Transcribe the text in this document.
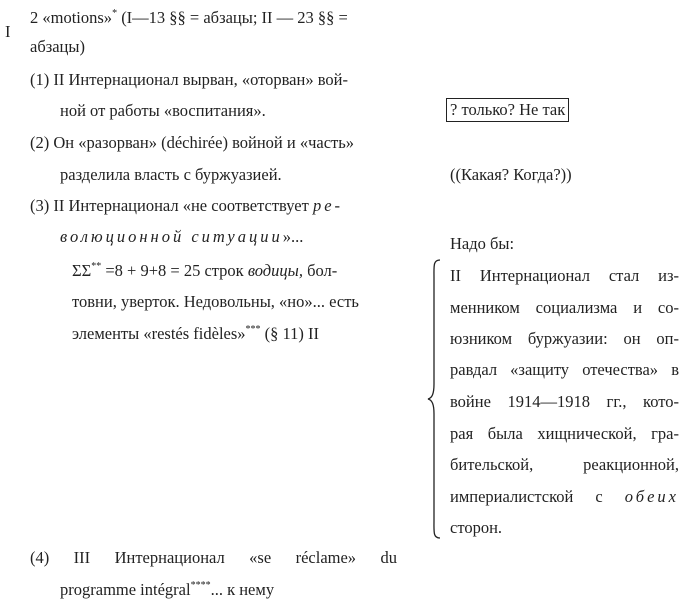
I
2 «motions»* (I—13 §§ = абзацы; II — 23 §§ =
абзацы)
(1) II Интернационал вырван, «оторван» вой-
ной от работы «воспитания».
(2) Он «разорван» (déchirée) войной и «часть»
разделила власть с буржуазией.
(3) II Интернационал «не соответствует ре-
волюционной ситуации»...
ΣΣ** =8 + 9+8 = 25 строк водицы, бол-
товни, уверток. Недовольны, «но»... есть
элементы «restés fidèles»*** (§ 11) II
(4) III Интернационал «se réclame» du
programme intégral****... к нему
? только? Не так
((Какая? Когда?))
Надо бы:
II Интернационал стал из-
менником социализма и со-
юзником буржуазии: он оп-
равдал «защиту отечества» в
войне 1914—1918 гг., кото-
рая была хищнической, гра-
бительской, реакционной,
империалистской с обеих
сторон.
